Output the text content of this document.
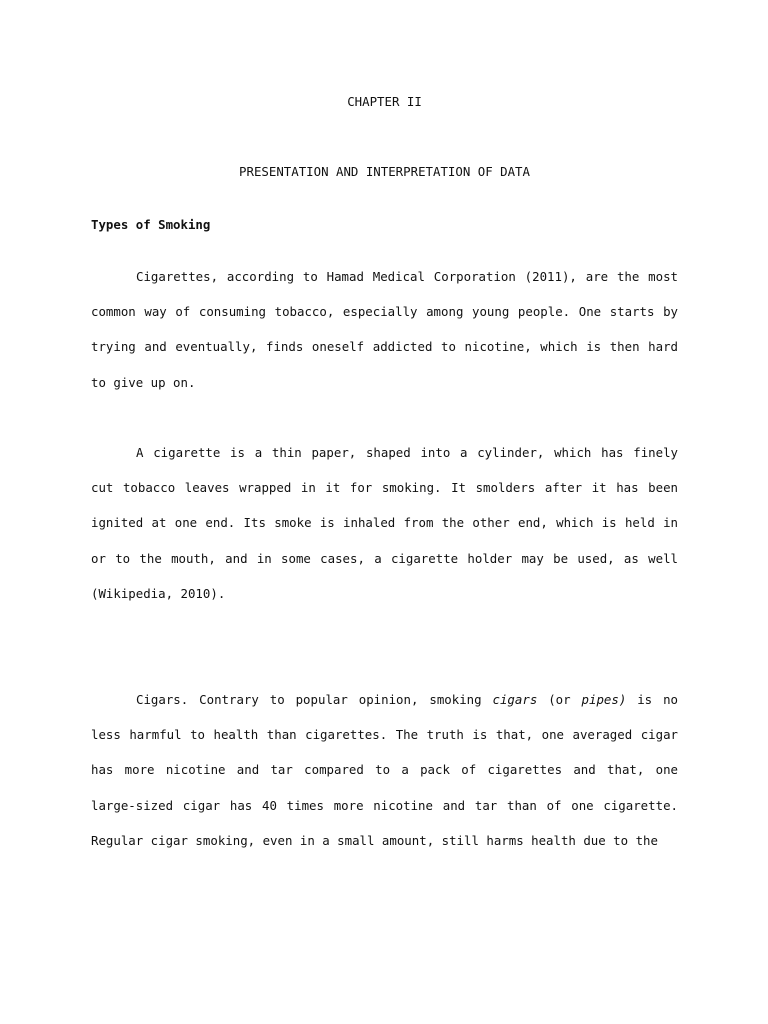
CHAPTER II
PRESENTATION AND INTERPRETATION OF DATA
Types of Smoking

Cigarettes, according to Hamad Medical Corporation (2011), are the most common way of consuming tobacco, especially among young people. One starts by trying and eventually, finds oneself addicted to nicotine, which is then hard to give up on.

A cigarette is a thin paper, shaped into a cylinder, which has finely cut tobacco leaves wrapped in it for smoking. It smolders after it has been ignited at one end. Its smoke is inhaled from the other end, which is held in or to the mouth, and in some cases, a cigarette holder may be used, as well (Wikipedia, 2010).

Cigars. Contrary to popular opinion, smoking cigars (or pipes) is no less harmful to health than cigarettes. The truth is that, one averaged cigar has more nicotine and tar compared to a pack of cigarettes and that, one large-sized cigar has 40 times more nicotine and tar than of one cigarette. Regular cigar smoking, even in a small amount, still harms health due to the
